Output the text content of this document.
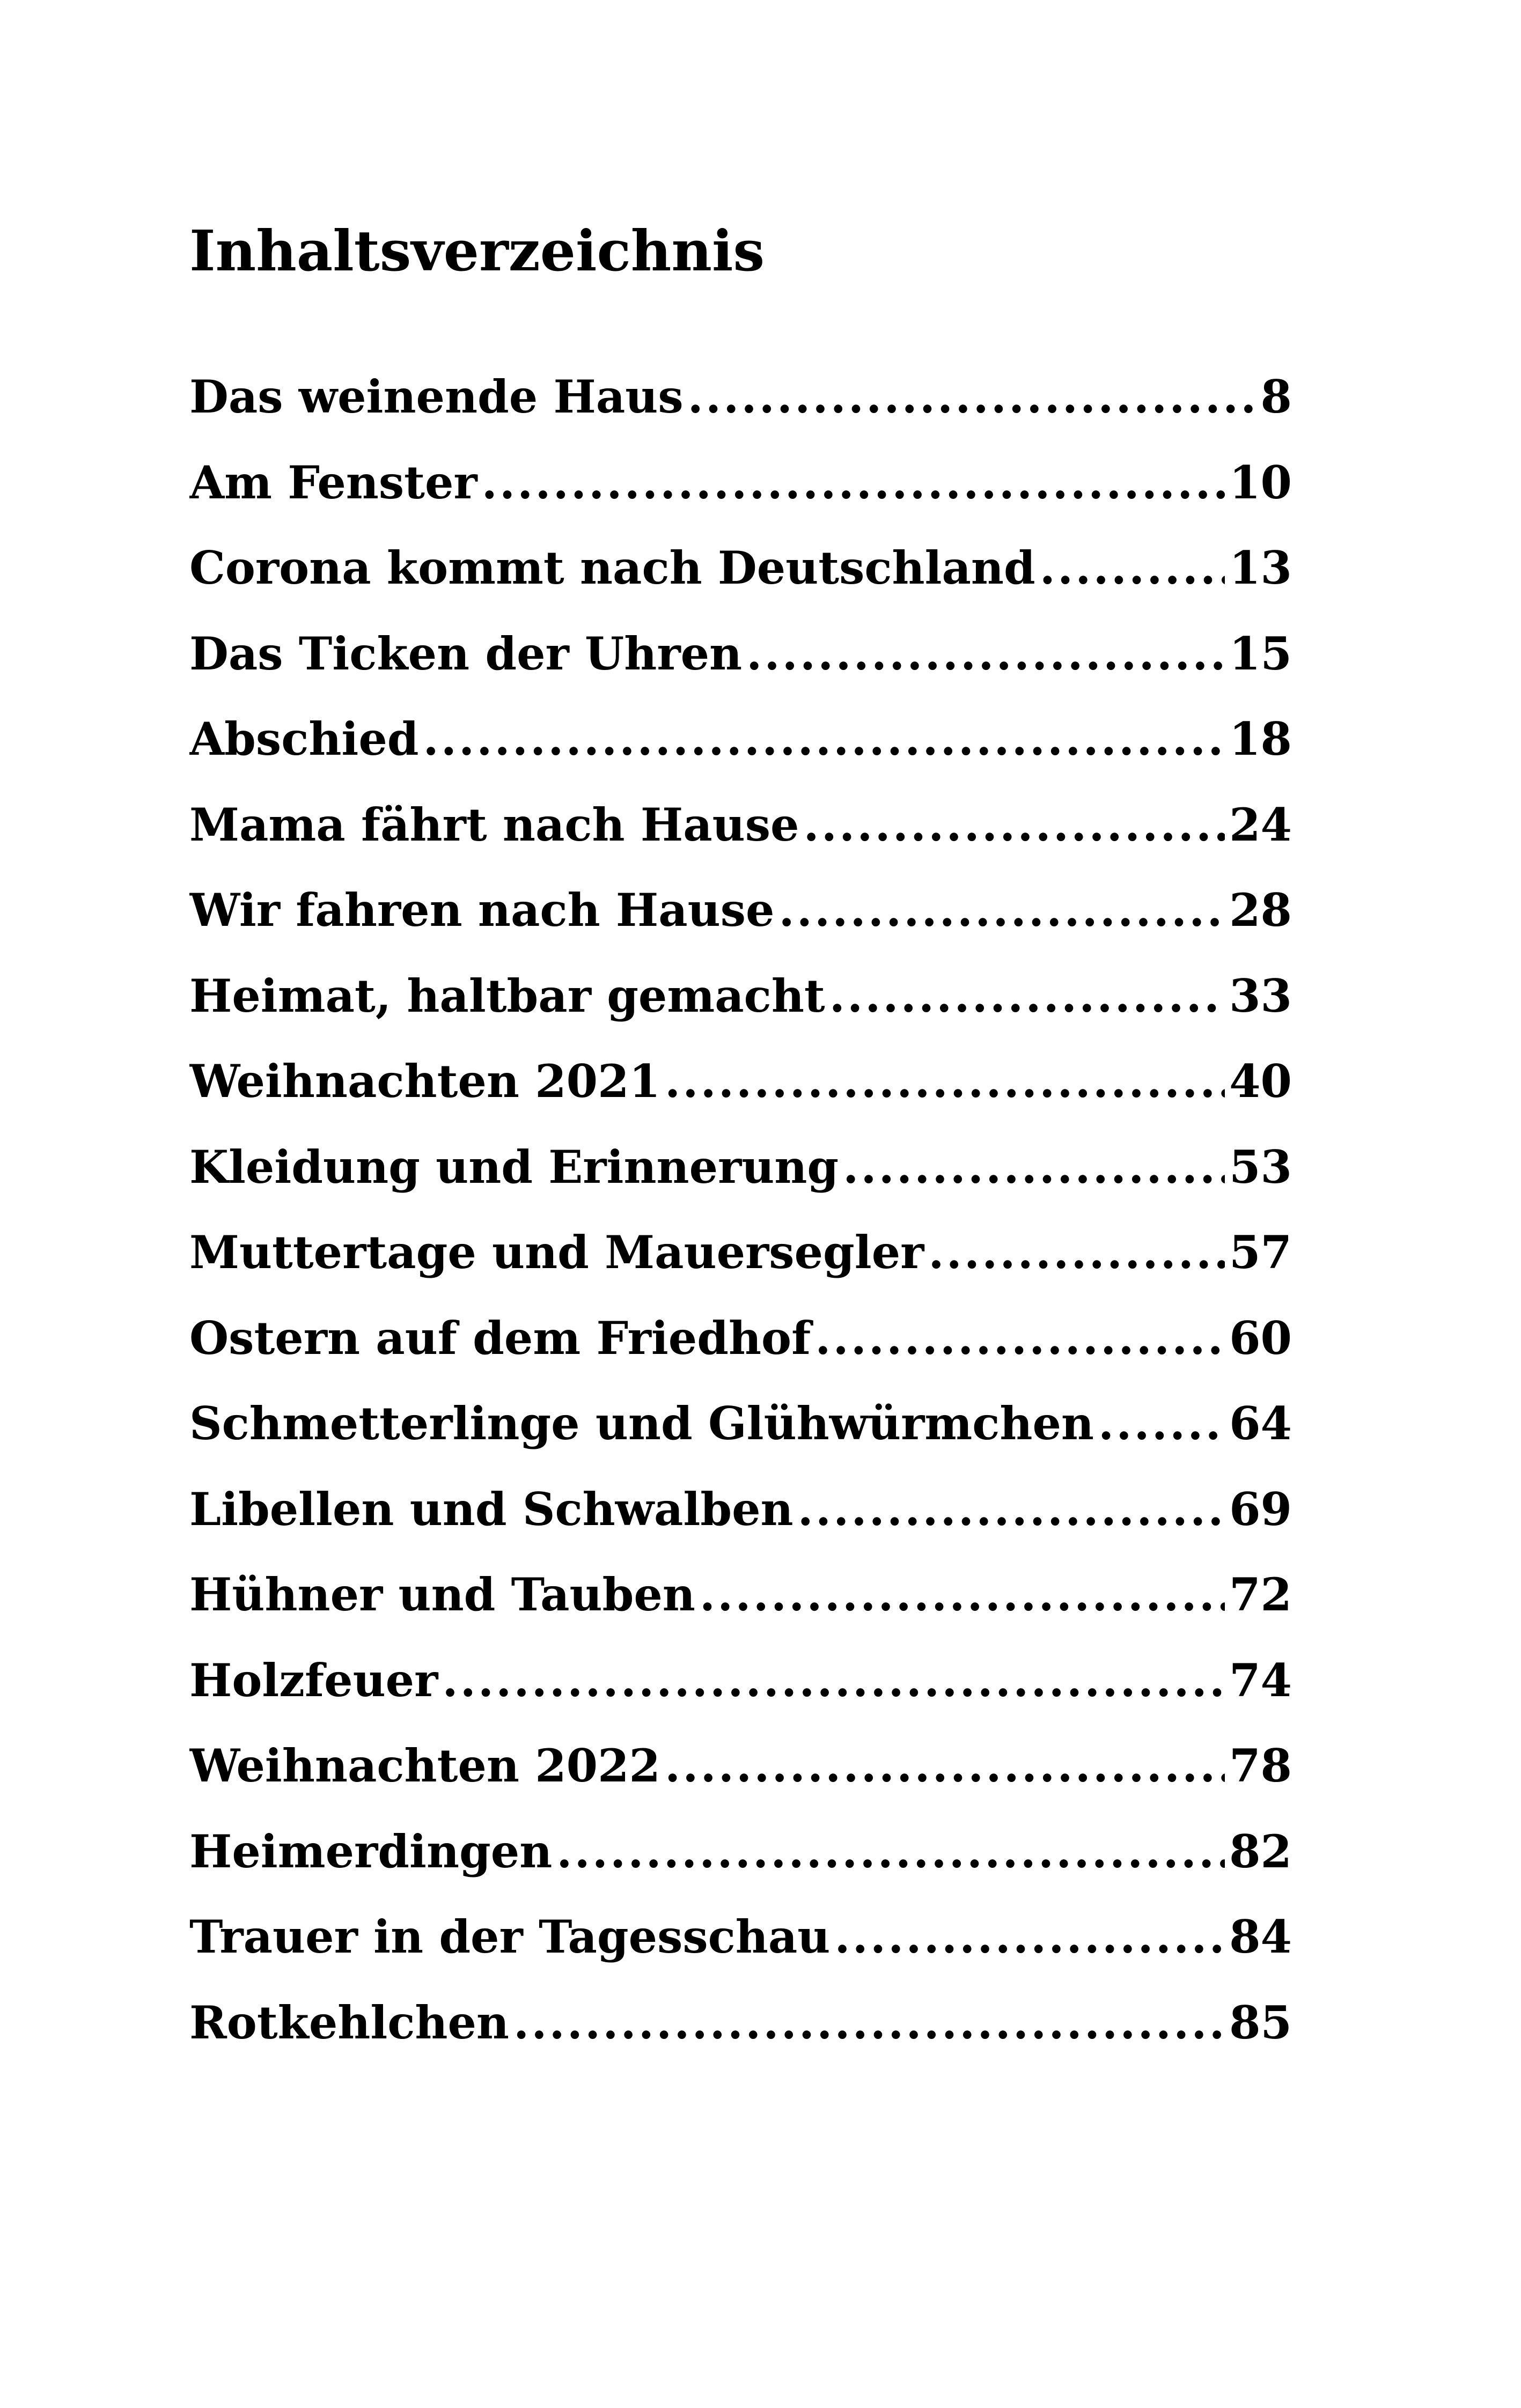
Inhaltsverzeichnis
Das weinende Haus .....	8
Am Fenster .....	10
Corona kommt nach Deutschland .....	13
Das Ticken der Uhren .....	15
Abschied .....	18
Mama fährt nach Hause .....	24
Wir fahren nach Hause .....	28
Heimat, haltbar gemacht .....	33
Weihnachten 2021 .....	40
Kleidung und Erinnerung .....	53
Muttertage und Mauersegler .....	57
Ostern auf dem Friedhof .....	60
Schmetterlinge und Glühwürmchen .....	64
Libellen und Schwalben .....	69
Hühner und Tauben .....	72
Holzfeuer .....	74
Weihnachten 2022 .....	78
Heimerdingen .....	82
Trauer in der Tagesschau .....	84
Rotkehlchen .....	85
